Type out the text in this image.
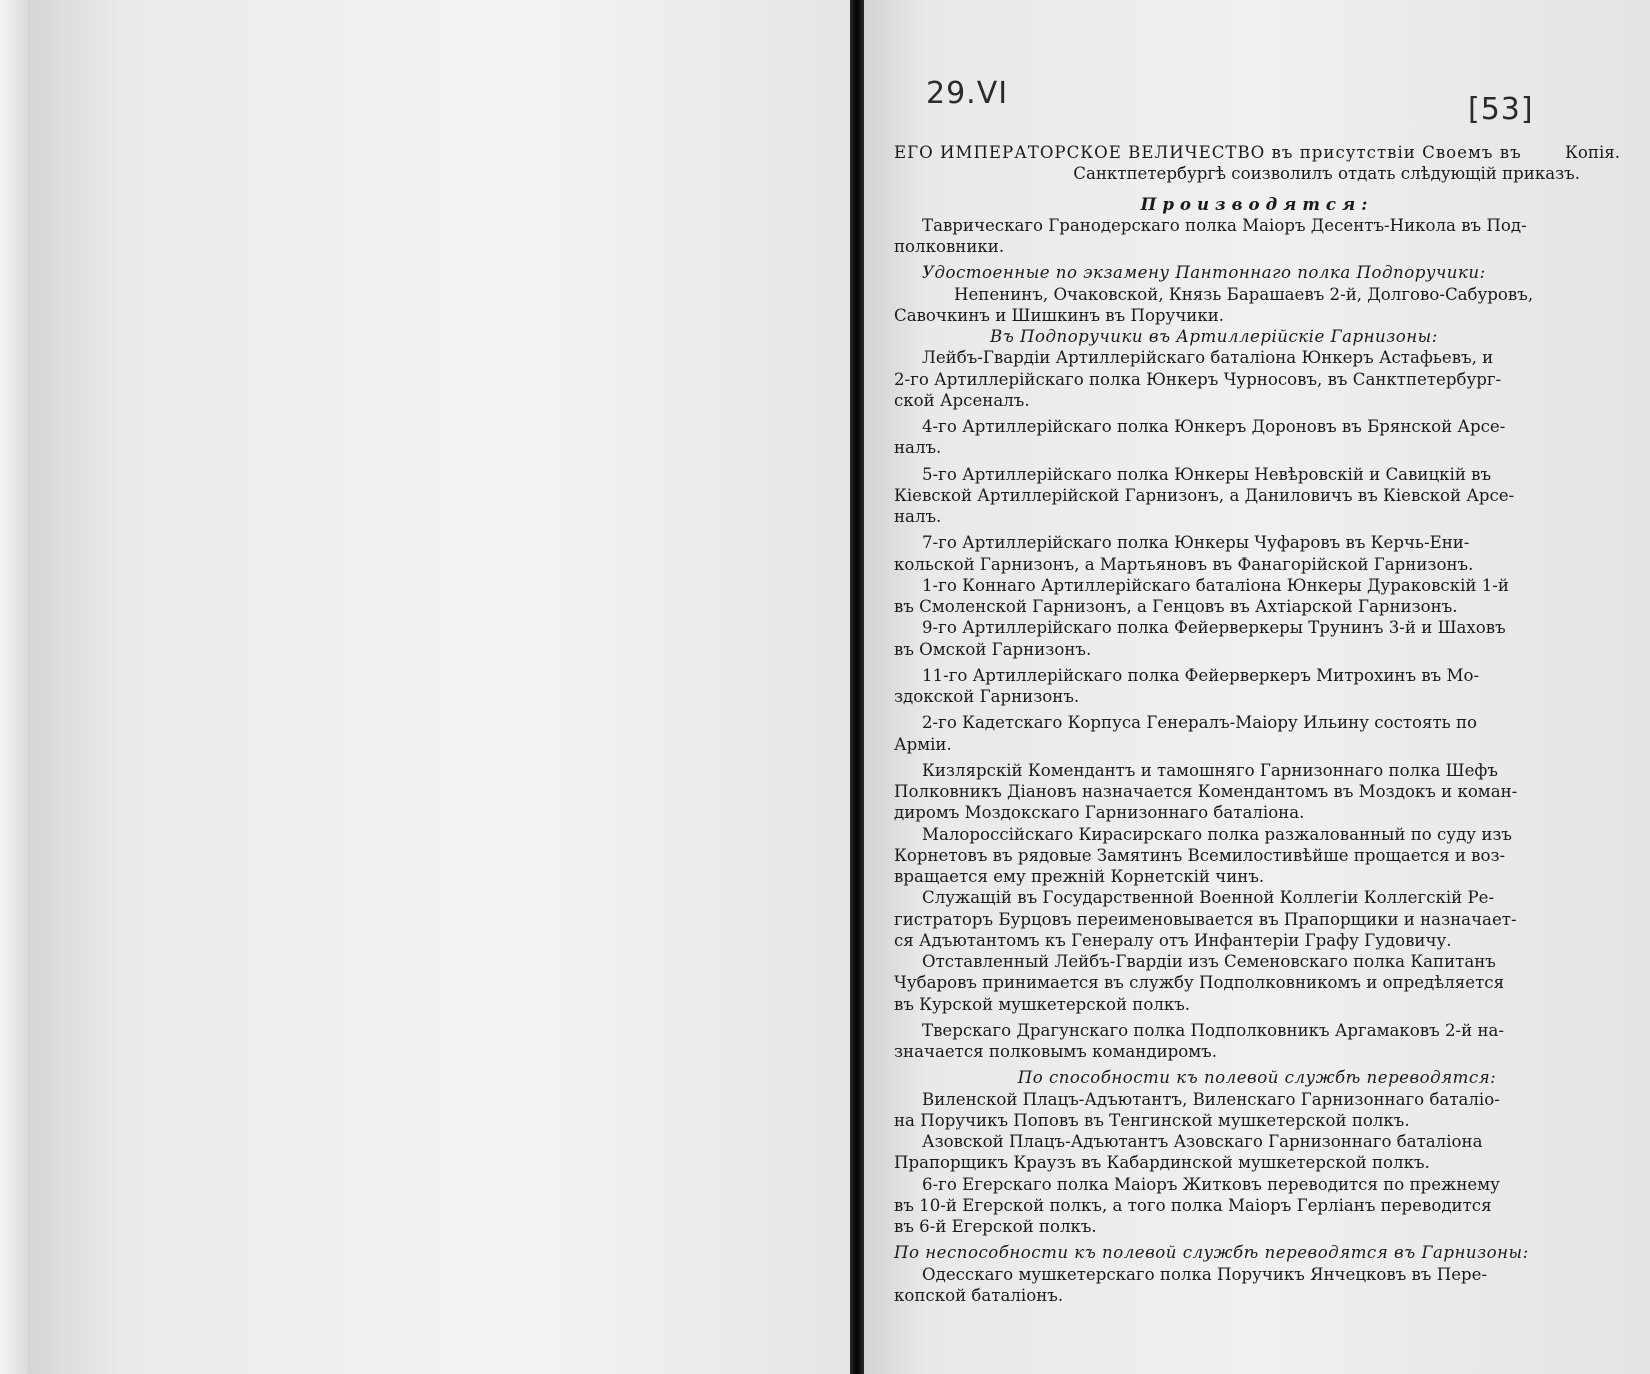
29.VI	[53]
ЕГО ИМПЕРАТОРСКОЕ ВЕЛИЧЕСТВО въ присутствіи Своемъ въ	Копія.
Санктпетербургѣ соизволилъ отдать слѣдующій приказъ.
Производятся:
Таврическаго Гранодерскаго полка Маіоръ Десентъ-Никола въ Под-
полковники.
Удостоенные по экзамену Пантоннаго полка Подпоручики:
Непенинъ, Очаковской, Князь Барашаевъ 2-й, Долгово-Сабуровъ,
Савочкинъ и Шишкинъ въ Поручики.
Въ Подпоручики въ Артиллерійскіе Гарнизоны:
Лейбъ-Гвардіи Артиллерійскаго баталіона Юнкеръ Астафьевъ, и
2-го Артиллерійскаго полка Юнкеръ Чурносовъ, въ Санктпетербург-
ской Арсеналъ.
4-го Артиллерійскаго полка Юнкеръ Дороновъ въ Брянской Арсе-
налъ.
5-го Артиллерійскаго полка Юнкеры Невѣровскій и Савицкій въ
Кіевской Артиллерійской Гарнизонъ, а Даниловичъ въ Кіевской Арсе-
налъ.
7-го Артиллерійскаго полка Юнкеры Чуфаровъ въ Керчь-Ени-
кольской Гарнизонъ, а Мартьяновъ въ Фанагорійской Гарнизонъ.
1-го Коннаго Артиллерійскаго баталіона Юнкеры Дураковскій 1-й
въ Смоленской Гарнизонъ, а Генцовъ въ Ахтіарской Гарнизонъ.
9-го Артиллерійскаго полка Фейерверкеры Трунинъ 3-й и Шаховъ
въ Омской Гарнизонъ.
11-го Артиллерійскаго полка Фейерверкеръ Митрохинъ въ Мо-
здокской Гарнизонъ.
2-го Кадетскаго Корпуса Генералъ-Маіору Ильину состоять по
Арміи.
Кизлярскій Комендантъ и тамошняго Гарнизоннаго полка Шефъ
Полковникъ Діановъ назначается Комендантомъ въ Моздокъ и коман-
диромъ Моздокскаго Гарнизоннаго баталіона.
Малороссійскаго Кирасирскаго полка разжалованный по суду изъ
Корнетовъ въ рядовые Замятинъ Всемилостивѣйше прощается и воз-
вращается ему прежній Корнетскій чинъ.
Служащій въ Государственной Военной Коллегіи Коллегскій Ре-
гистраторъ Бурцовъ переименовывается въ Прапорщики и назначает-
ся Адъютантомъ къ Генералу отъ Инфантеріи Графу Гудовичу.
Отставленный Лейбъ-Гвардіи изъ Семеновскаго полка Капитанъ
Чубаровъ принимается въ службу Подполковникомъ и опредѣляется
въ Курской мушкетерской полкъ.
Тверскаго Драгунскаго полка Подполковникъ Аргамаковъ 2-й на-
значается полковымъ командиромъ.
По способности къ полевой службѣ переводятся:
Виленской Плацъ-Адъютантъ, Виленскаго Гарнизоннаго баталіо-
на Поручикъ Поповъ въ Тенгинской мушкетерской полкъ.
Азовской Плацъ-Адъютантъ Азовскаго Гарнизоннаго баталіона
Прапорщикъ Краузъ въ Кабардинской мушкетерской полкъ.
6-го Егерскаго полка Маіоръ Житковъ переводится по прежнему
въ 10-й Егерской полкъ, а того полка Маіоръ Герліанъ переводится
въ 6-й Егерской полкъ.
По неспособности къ полевой службѣ переводятся въ Гарнизоны:
Одесскаго мушкетерскаго полка Поручикъ Янчецковъ въ Пере-
копской баталіонъ.
